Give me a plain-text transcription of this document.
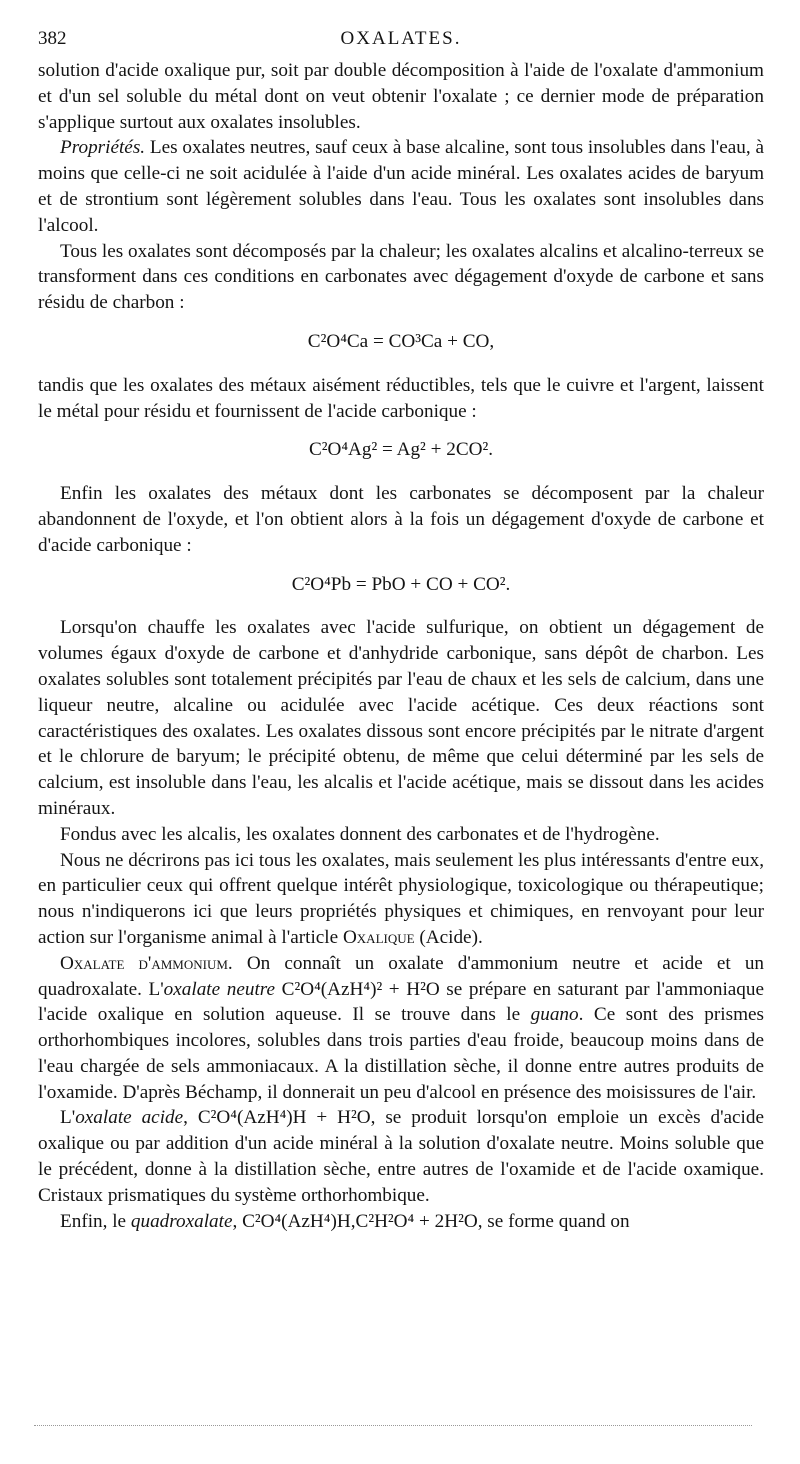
382	OXALATES.

solution d'acide oxalique pur, soit par double décomposition à l'aide de l'oxalate d'ammonium et d'un sel soluble du métal dont on veut obtenir l'oxalate ; ce dernier mode de préparation s'applique surtout aux oxalates insolubles.

Propriétés. Les oxalates neutres, sauf ceux à base alcaline, sont tous insolubles dans l'eau, à moins que celle-ci ne soit acidulée à l'aide d'un acide minéral. Les oxalates acides de baryum et de strontium sont légèrement solubles dans l'eau. Tous les oxalates sont insolubles dans l'alcool.

Tous les oxalates sont décomposés par la chaleur; les oxalates alcalins et alcalino-terreux se transforment dans ces conditions en carbonates avec dégagement d'oxyde de carbone et sans résidu de charbon :

C²O⁴Ca = CO³Ca + CO,

tandis que les oxalates des métaux aisément réductibles, tels que le cuivre et l'argent, laissent le métal pour résidu et fournissent de l'acide carbonique :

C²O⁴Ag² = Ag² + 2CO².

Enfin les oxalates des métaux dont les carbonates se décomposent par la chaleur abandonnent de l'oxyde, et l'on obtient alors à la fois un dégagement d'oxyde de carbone et d'acide carbonique :

C²O⁴Pb = PbO + CO + CO².

Lorsqu'on chauffe les oxalates avec l'acide sulfurique, on obtient un dégagement de volumes égaux d'oxyde de carbone et d'anhydride carbonique, sans dépôt de charbon. Les oxalates solubles sont totalement précipités par l'eau de chaux et les sels de calcium, dans une liqueur neutre, alcaline ou acidulée avec l'acide acétique. Ces deux réactions sont caractéristiques des oxalates. Les oxalates dissous sont encore précipités par le nitrate d'argent et le chlorure de baryum; le précipité obtenu, de même que celui déterminé par les sels de calcium, est insoluble dans l'eau, les alcalis et l'acide acétique, mais se dissout dans les acides minéraux.

Fondus avec les alcalis, les oxalates donnent des carbonates et de l'hydrogène.

Nous ne décrirons pas ici tous les oxalates, mais seulement les plus intéressants d'entre eux, en particulier ceux qui offrent quelque intérêt physiologique, toxicologique ou thérapeutique; nous n'indiquerons ici que leurs propriétés physiques et chimiques, en renvoyant pour leur action sur l'organisme animal à l'article Oxalique (Acide).

Oxalate d'ammonium. On connaît un oxalate d'ammonium neutre et acide et un quadroxalate. L'oxalate neutre C²O⁴(AzH⁴)² + H²O se prépare en saturant par l'ammoniaque l'acide oxalique en solution aqueuse. Il se trouve dans le guano. Ce sont des prismes orthorhombiques incolores, solubles dans trois parties d'eau froide, beaucoup moins dans de l'eau chargée de sels ammoniacaux. A la distillation sèche, il donne entre autres produits de l'oxamide. D'après Béchamp, il donnerait un peu d'alcool en présence des moisissures de l'air.

L'oxalate acide, C²O⁴(AzH⁴)H + H²O, se produit lorsqu'on emploie un excès d'acide oxalique ou par addition d'un acide minéral à la solution d'oxalate neutre. Moins soluble que le précédent, donne à la distillation sèche, entre autres de l'oxamide et de l'acide oxamique. Cristaux prismatiques du système orthorhombique.

Enfin, le quadroxalate, C²O⁴(AzH⁴)H,C²H²O⁴ + 2H²O, se forme quand on
